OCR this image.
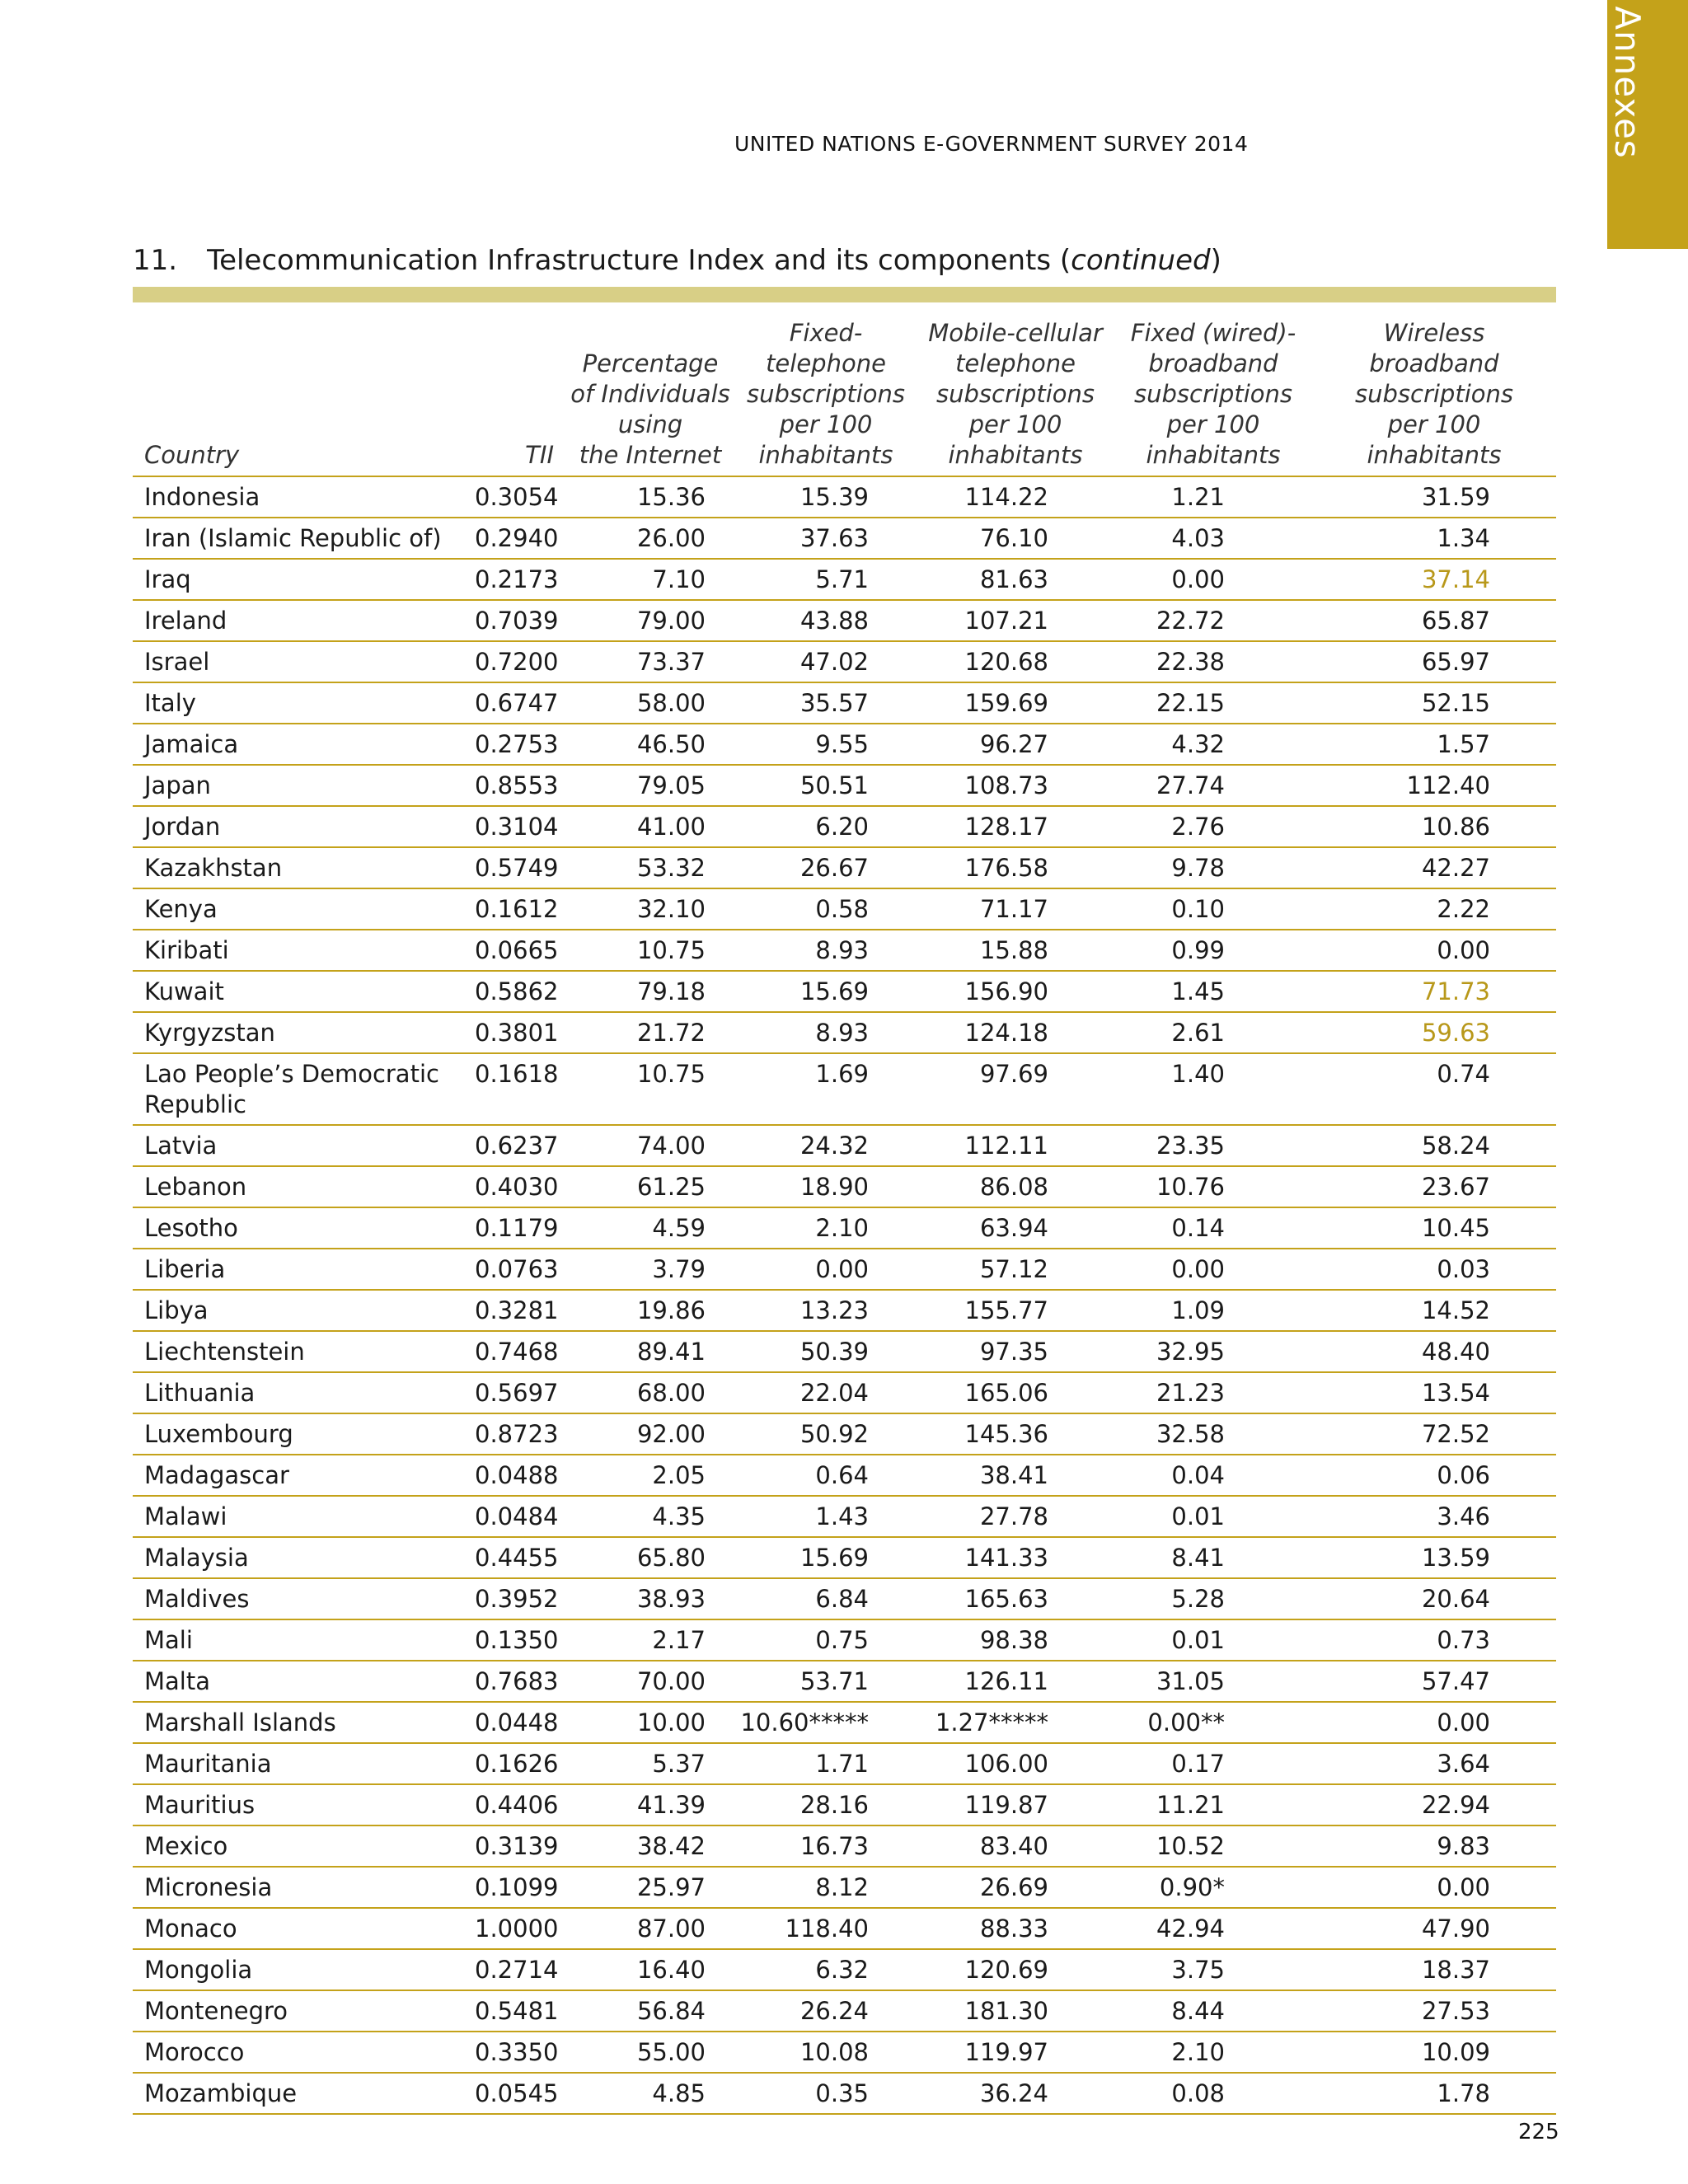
Annexes
UNITED NATIONS E-GOVERNMENT SURVEY 2014
11. Telecommunication Infrastructure Index and its components (continued)
Country	TII	Percentage
of Individuals
using
the Internet	Fixed-
telephone
subscriptions
per 100
inhabitants	Mobile-cellular
telephone
subscriptions
per 100
inhabitants	Fixed (wired)-
broadband
subscriptions
per 100
inhabitants	Wireless
broadband
subscriptions
per 100
inhabitants
Indonesia	0.3054	15.36	15.39	114.22	1.21	31.59
Iran (Islamic Republic of)	0.2940	26.00	37.63	76.10	4.03	1.34
Iraq	0.2173	7.10	5.71	81.63	0.00	37.14
Ireland	0.7039	79.00	43.88	107.21	22.72	65.87
Israel	0.7200	73.37	47.02	120.68	22.38	65.97
Italy	0.6747	58.00	35.57	159.69	22.15	52.15
Jamaica	0.2753	46.50	9.55	96.27	4.32	1.57
Japan	0.8553	79.05	50.51	108.73	27.74	112.40
Jordan	0.3104	41.00	6.20	128.17	2.76	10.86
Kazakhstan	0.5749	53.32	26.67	176.58	9.78	42.27
Kenya	0.1612	32.10	0.58	71.17	0.10	2.22
Kiribati	0.0665	10.75	8.93	15.88	0.99	0.00
Kuwait	0.5862	79.18	15.69	156.90	1.45	71.73
Kyrgyzstan	0.3801	21.72	8.93	124.18	2.61	59.63
Lao People’s Democratic Republic	0.1618	10.75	1.69	97.69	1.40	0.74
Latvia	0.6237	74.00	24.32	112.11	23.35	58.24
Lebanon	0.4030	61.25	18.90	86.08	10.76	23.67
Lesotho	0.1179	4.59	2.10	63.94	0.14	10.45
Liberia	0.0763	3.79	0.00	57.12	0.00	0.03
Libya	0.3281	19.86	13.23	155.77	1.09	14.52
Liechtenstein	0.7468	89.41	50.39	97.35	32.95	48.40
Lithuania	0.5697	68.00	22.04	165.06	21.23	13.54
Luxembourg	0.8723	92.00	50.92	145.36	32.58	72.52
Madagascar	0.0488	2.05	0.64	38.41	0.04	0.06
Malawi	0.0484	4.35	1.43	27.78	0.01	3.46
Malaysia	0.4455	65.80	15.69	141.33	8.41	13.59
Maldives	0.3952	38.93	6.84	165.63	5.28	20.64
Mali	0.1350	2.17	0.75	98.38	0.01	0.73
Malta	0.7683	70.00	53.71	126.11	31.05	57.47
Marshall Islands	0.0448	10.00	10.60*****	1.27*****	0.00**	0.00
Mauritania	0.1626	5.37	1.71	106.00	0.17	3.64
Mauritius	0.4406	41.39	28.16	119.87	11.21	22.94
Mexico	0.3139	38.42	16.73	83.40	10.52	9.83
Micronesia	0.1099	25.97	8.12	26.69	0.90*	0.00
Monaco	1.0000	87.00	118.40	88.33	42.94	47.90
Mongolia	0.2714	16.40	6.32	120.69	3.75	18.37
Montenegro	0.5481	56.84	26.24	181.30	8.44	27.53
Morocco	0.3350	55.00	10.08	119.97	2.10	10.09
Mozambique	0.0545	4.85	0.35	36.24	0.08	1.78
225
